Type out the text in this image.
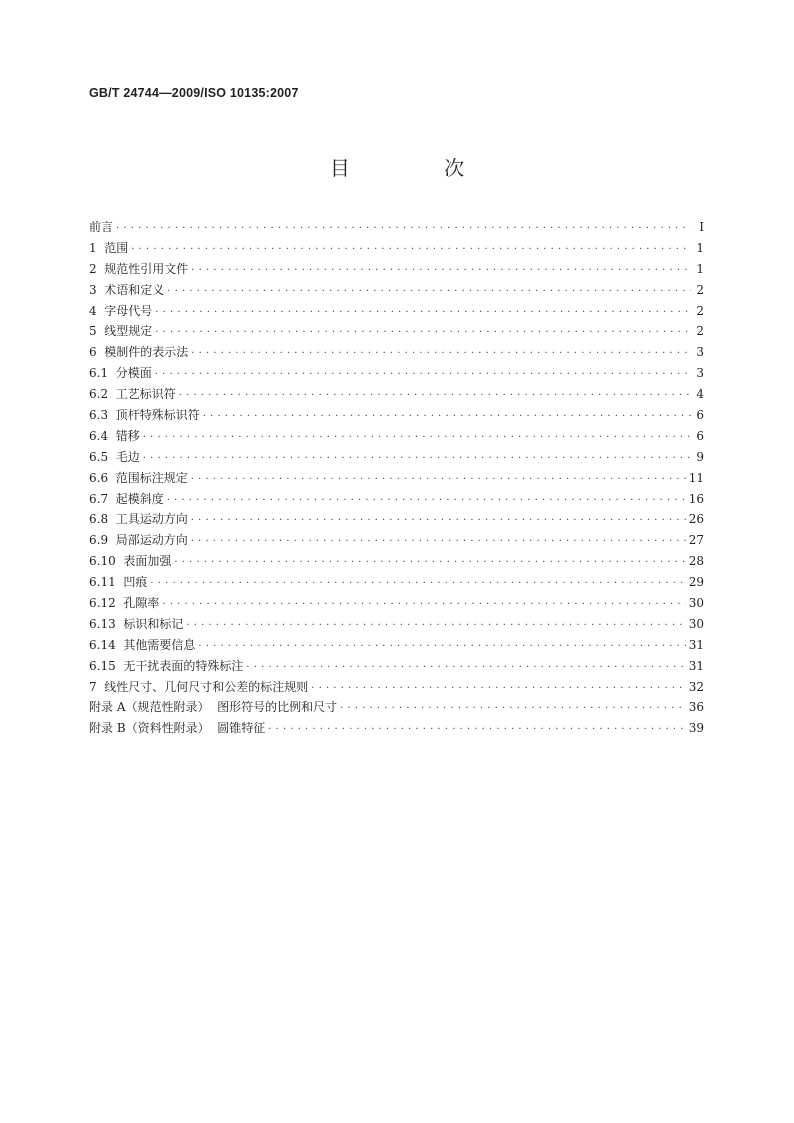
GB/T 24744—2009/ISO 10135:2007
目 次
前言 · · ·	Ⅰ
1 范围 · · ·	1
2 规范性引用文件 · · ·	1
3 术语和定义 · · ·	2
4 字母代号 · · ·	2
5 线型规定 · · ·	2
6 模制件的表示法 · · ·	3
6.1 分模面 · · ·	3
6.2 工艺标识符 · · ·	4
6.3 顶杆特殊标识符 · · ·	6
6.4 错移 · · ·	6
6.5 毛边 · · ·	9
6.6 范围标注规定 · · ·	11
6.7 起模斜度 · · ·	16
6.8 工具运动方向 · · ·	26
6.9 局部运动方向 · · ·	27
6.10 表面加强 · · ·	28
6.11 凹痕 · · ·	29
6.12 孔隙率 · · ·	30
6.13 标识和标记 · · ·	30
6.14 其他需要信息 · · ·	31
6.15 无干扰表面的特殊标注 · · ·	31
7 线性尺寸、几何尺寸和公差的标注规则 · · ·	32
附录 A（规范性附录）  图形符号的比例和尺寸 · · ·	36
附录 B（资料性附录）  圆锥特征 · · ·	39
